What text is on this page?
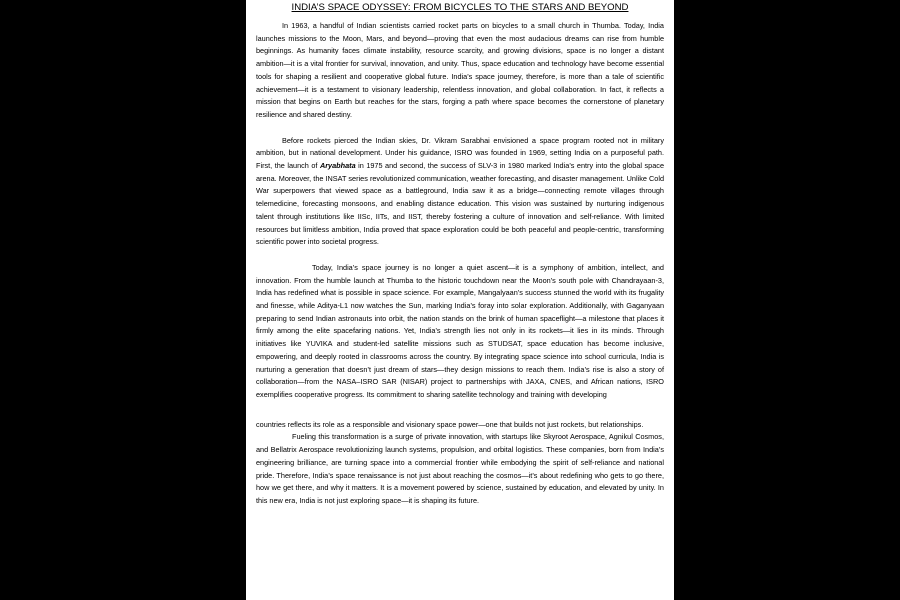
INDIA’S SPACE ODYSSEY: FROM BICYCLES TO THE STARS AND BEYOND

In 1963, a handful of Indian scientists carried rocket parts on bicycles to a small church in Thumba. Today, India launches missions to the Moon, Mars, and beyond—proving that even the most audacious dreams can rise from humble beginnings. As humanity faces climate instability, resource scarcity, and growing divisions, space is no longer a distant ambition—it is a vital frontier for survival, innovation, and unity. Thus, space education and technology have become essential tools for shaping a resilient and cooperative global future. India’s space journey, therefore, is more than a tale of scientific achievement—it is a testament to visionary leadership, relentless innovation, and global collaboration. In fact, it reflects a mission that begins on Earth but reaches for the stars, forging a path where space becomes the cornerstone of planetary resilience and shared destiny.

Before rockets pierced the Indian skies, Dr. Vikram Sarabhai envisioned a space program rooted not in military ambition, but in national development. Under his guidance, ISRO was founded in 1969, setting India on a purposeful path. First, the launch of Aryabhata in 1975 and second, the success of SLV-3 in 1980 marked India’s entry into the global space arena. Moreover, the INSAT series revolutionized communication, weather forecasting, and disaster management. Unlike Cold War superpowers that viewed space as a battleground, India saw it as a bridge—connecting remote villages through telemedicine, forecasting monsoons, and enabling distance education. This vision was sustained by nurturing indigenous talent through institutions like IISc, IITs, and IIST, thereby fostering a culture of innovation and self-reliance. With limited resources but limitless ambition, India proved that space exploration could be both peaceful and people-centric, transforming scientific power into societal progress.

Today, India’s space journey is no longer a quiet ascent—it is a symphony of ambition, intellect, and innovation. From the humble launch at Thumba to the historic touchdown near the Moon’s south pole with Chandrayaan-3, India has redefined what is possible in space science. For example, Mangalyaan’s success stunned the world with its frugality and finesse, while Aditya-L1 now watches the Sun, marking India’s foray into solar exploration. Additionally, with Gaganyaan preparing to send Indian astronauts into orbit, the nation stands on the brink of human spaceflight—a milestone that places it firmly among the elite spacefaring nations. Yet, India’s strength lies not only in its rockets—it lies in its minds. Through initiatives like YUVIKA and student-led satellite missions such as STUDSAT, space education has become inclusive, empowering, and deeply rooted in classrooms across the country. By integrating space science into school curricula, India is nurturing a generation that doesn’t just dream of stars—they design missions to reach them. India’s rise is also a story of collaboration—from the NASA–ISRO SAR (NISAR) project to partnerships with JAXA, CNES, and African nations, ISRO exemplifies cooperative progress. Its commitment to sharing satellite technology and training with developing

countries reflects its role as a responsible and visionary space power—one that builds not just rockets, but relationships.

Fueling this transformation is a surge of private innovation, with startups like Skyroot Aerospace, Agnikul Cosmos, and Bellatrix Aerospace revolutionizing launch systems, propulsion, and orbital logistics. These companies, born from India’s engineering brilliance, are turning space into a commercial frontier while embodying the spirit of self-reliance and national pride. Therefore, India’s space renaissance is not just about reaching the cosmos—it’s about redefining who gets to go there, how we get there, and why it matters. It is a movement powered by science, sustained by education, and elevated by unity. In this new era, India is not just exploring space—it is shaping its future.
